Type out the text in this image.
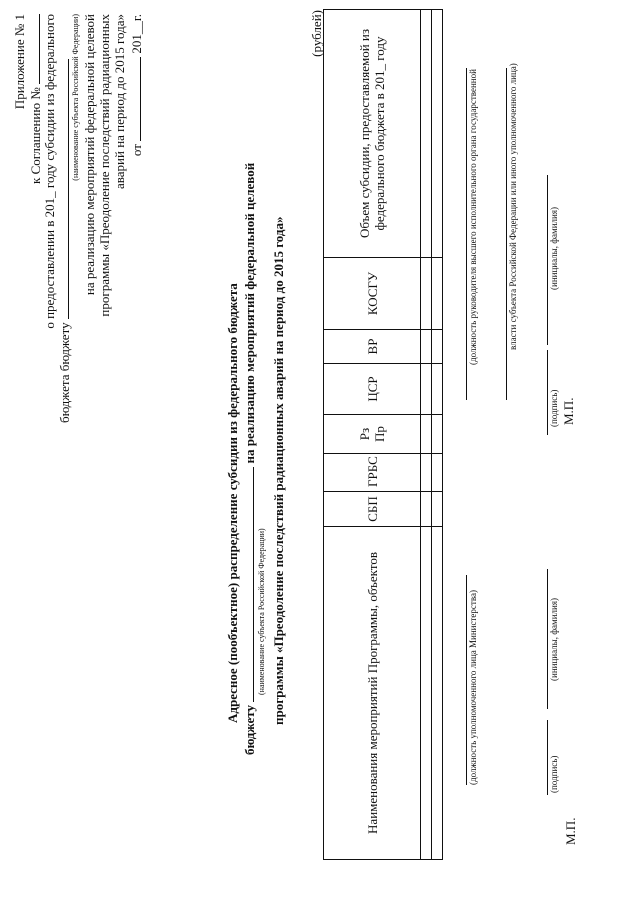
Приложение № 1
к Соглашению № о предоставлении в 201_ году субсидии из федерального
бюджета бюджету
(наименование субъекта Российской Федерации) на реализацию мероприятий федеральной целевой программы «Преодоление последствий радиационных аварий на период до 2015 года» от  201__г.
Адресное (пообъектное) распределение субсидии из федерального бюджета
бюджету  на реализацию мероприятий федеральной целевой
(наименование субъекта Российской Федерации) программы «Преодоление последствий радиационных аварий на период до 2015 года»
(рублей)
Наименования мероприятий Программы, объектов	СБП	ГРБС	Рз Пр	ЦСР	ВР	КОСГУ	Объем субсидии, предоставляемой из федерального бюджета в 201_ году

(должность уполномоченного лица Министерства)	(подпись)
(инициалы, фамилия)
М.П.
(должность руководителя высшего исполнительного органа государственной	власти субъекта Российской Федерации или иного уполномоченного лица)
(подпись)
(инициалы, фамилия)
М.П.
